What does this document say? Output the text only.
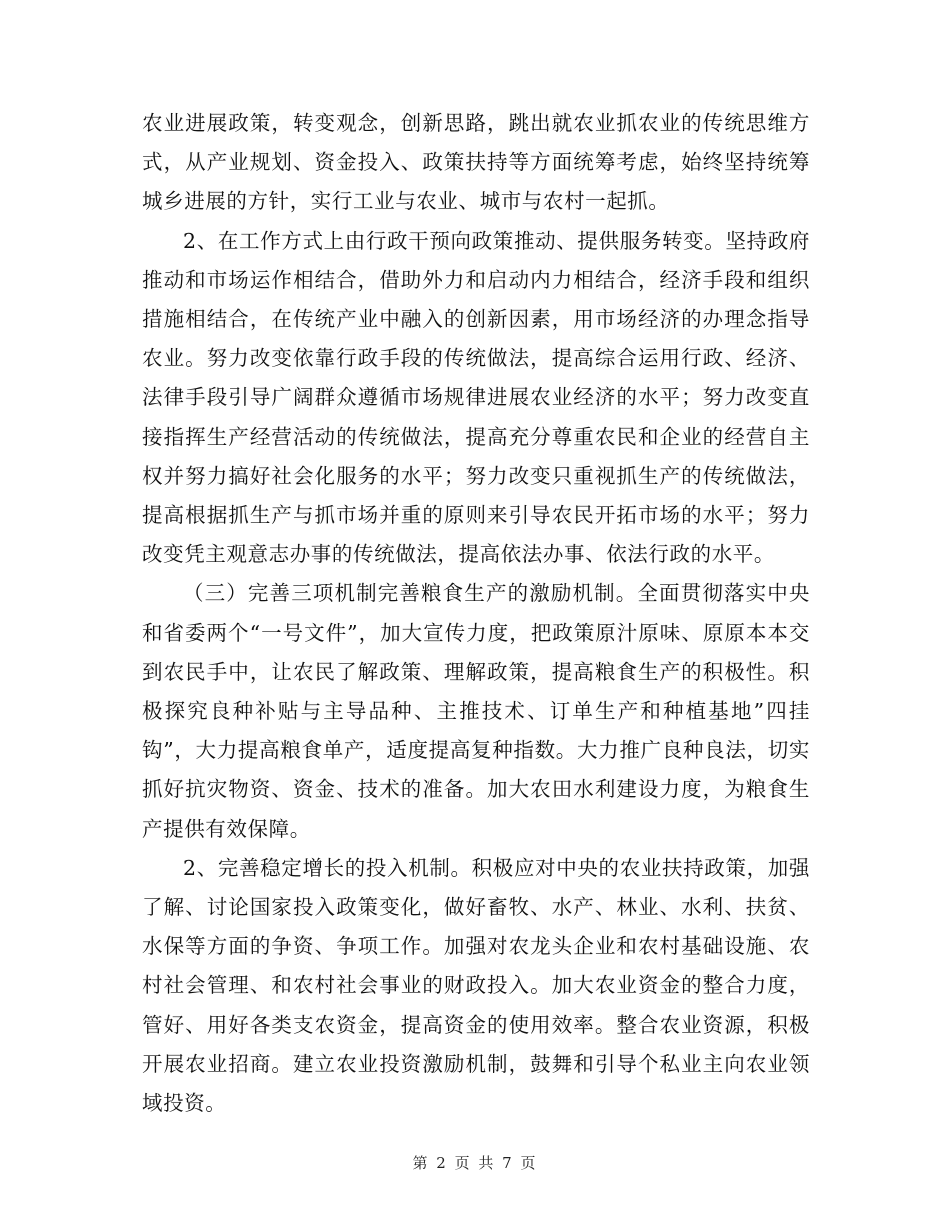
农业进展政策，转变观念，创新思路，跳出就农业抓农业的传统思维方式，从产业规划、资金投入、政策扶持等方面统筹考虑，始终坚持统筹城乡进展的方针，实行工业与农业、城市与农村一起抓。

2、在工作方式上由行政干预向政策推动、提供服务转变。坚持政府推动和市场运作相结合，借助外力和启动内力相结合，经济手段和组织措施相结合，在传统产业中融入的创新因素，用市场经济的办理念指导农业。努力改变依靠行政手段的传统做法，提高综合运用行政、经济、法律手段引导广阔群众遵循市场规律进展农业经济的水平；努力改变直接指挥生产经营活动的传统做法，提高充分尊重农民和企业的经营自主权并努力搞好社会化服务的水平；努力改变只重视抓生产的传统做法，提高根据抓生产与抓市场并重的原则来引导农民开拓市场的水平；努力改变凭主观意志办事的传统做法，提高依法办事、依法行政的水平。

（三）完善三项机制完善粮食生产的激励机制。全面贯彻落实中央和省委两个“一号文件”，加大宣传力度，把政策原汁原味、原原本本交到农民手中，让农民了解政策、理解政策，提高粮食生产的积极性。积极探究良种补贴与主导品种、主推技术、订单生产和种植基地”四挂钩”，大力提高粮食单产，适度提高复种指数。大力推广良种良法，切实抓好抗灾物资、资金、技术的准备。加大农田水利建设力度，为粮食生产提供有效保障。

2、完善稳定增长的投入机制。积极应对中央的农业扶持政策，加强了解、讨论国家投入政策变化，做好畜牧、水产、林业、水利、扶贫、水保等方面的争资、争项工作。加强对农龙头企业和农村基础设施、农村社会管理、和农村社会事业的财政投入。加大农业资金的整合力度，管好、用好各类支农资金，提高资金的使用效率。整合农业资源，积极开展农业招商。建立农业投资激励机制，鼓舞和引导个私业主向农业领域投资。

第 2 页 共 7 页
